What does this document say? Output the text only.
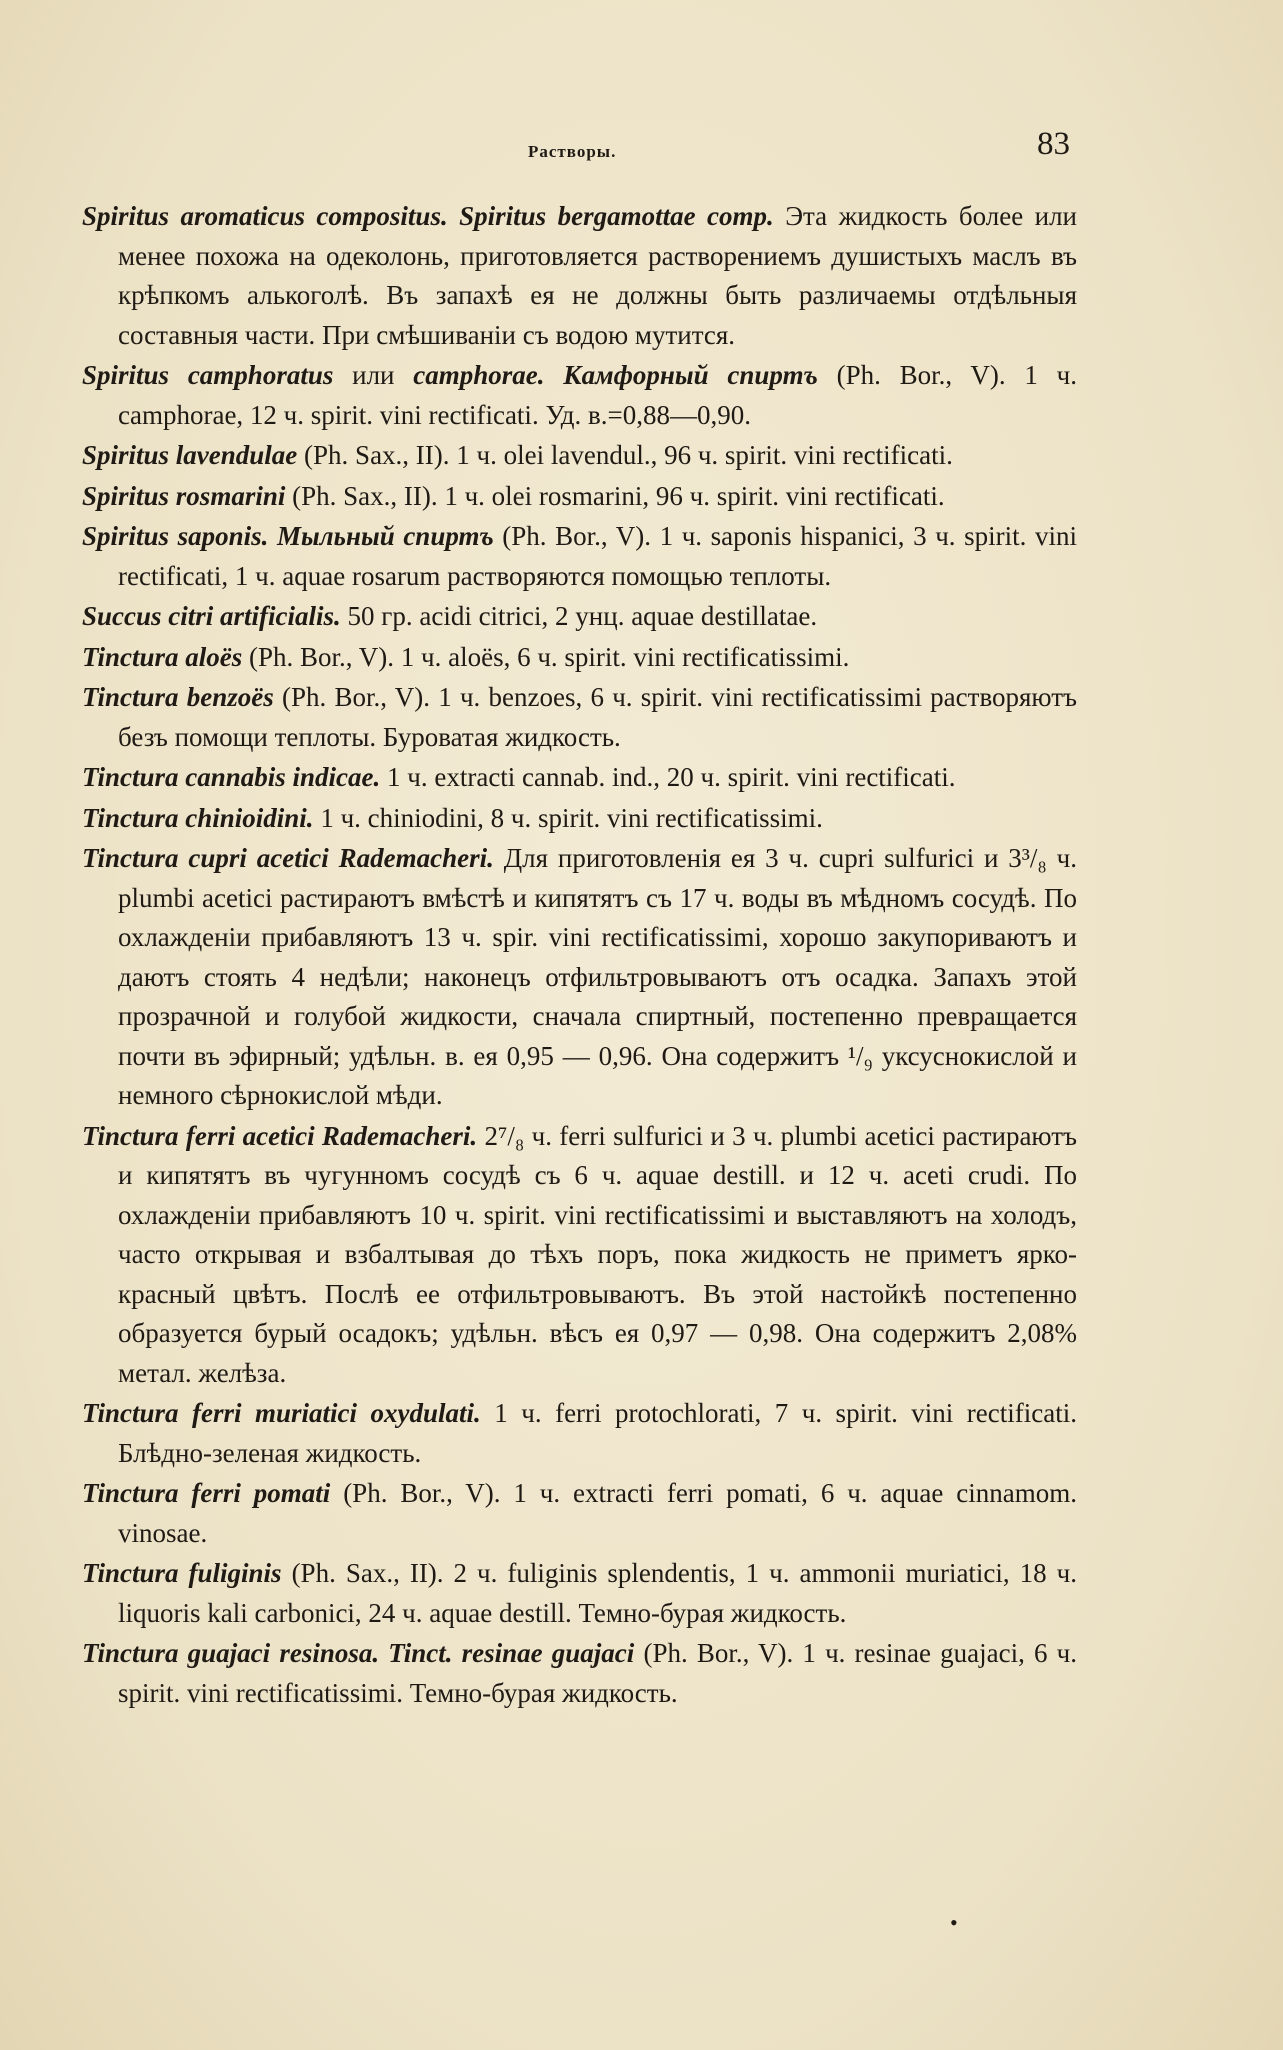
Растворы.	83

Spiritus aromaticus compositus. Spiritus bergamottae comp. Эта жидкость более или менее похожа на одеколонь, приготовляется растворениемъ душистыхъ маслъ въ крѣпкомъ алькоголѣ. Въ запахѣ ея не должны быть различаемы отдѣльныя составныя части. При смѣшиваніи съ водою мутится.

Spiritus camphoratus или camphorae. Камфорный спиртъ (Ph. Bor., V). 1 ч. camphorae, 12 ч. spirit. vini rectificati. Уд. в.=0,88—0,90.

Spiritus lavendulae (Ph. Sax., II). 1 ч. olei lavendul., 96 ч. spirit. vini rectificati.

Spiritus rosmarini (Ph. Sax., II). 1 ч. olei rosmarini, 96 ч. spirit. vini rectificati.

Spiritus saponis. Мыльный спиртъ (Ph. Bor., V). 1 ч. saponis hispanici, 3 ч. spirit. vini rectificati, 1 ч. aquae rosarum растворяются помощью теплоты.

Succus citri artificialis. 50 гр. acidi citrici, 2 унц. aquae destillatae.

Tinctura aloës (Ph. Bor., V). 1 ч. aloës, 6 ч. spirit. vini rectificatissimi.

Tinctura benzoës (Ph. Bor., V). 1 ч. benzoes, 6 ч. spirit. vini rectificatissimi растворяютъ безъ помощи теплоты. Буроватая жидкость.

Tinctura cannabis indicae. 1 ч. extracti cannab. ind., 20 ч. spirit. vini rectificati.

Tinctura chinioidini. 1 ч. chiniodini, 8 ч. spirit. vini rectificatissimi.

Tinctura cupri acetici Rademacheri. Для приготовленія ея 3 ч. cupri sulfurici и 3³/₈ ч. plumbi acetici растираютъ вмѣстѣ и кипятятъ съ 17 ч. воды въ мѣдномъ сосудѣ. По охлажденіи прибавляютъ 13 ч. spir. vini rectificatissimi, хорошо закупориваютъ и даютъ стоять 4 недѣли; наконецъ отфильтровываютъ отъ осадка. Запахъ этой прозрачной и голубой жидкости, сначала спиртный, постепенно превращается почти въ эфирный; удѣльн. в. ея 0,95 — 0,96. Она содержитъ ¹/₉ уксуснокислой и немного сѣрнокислой мѣди.

Tinctura ferri acetici Rademacheri. 2⁷/₈ ч. ferri sulfurici и 3 ч. plumbi acetici растираютъ и кипятятъ въ чугунномъ сосудѣ съ 6 ч. aquae destill. и 12 ч. aceti crudi. По охлажденіи прибавляютъ 10 ч. spirit. vini rectificatissimi и выставляютъ на холодъ, часто открывая и взбалтывая до тѣхъ поръ, пока жидкость не приметъ ярко-красный цвѣтъ. Послѣ ее отфильтровываютъ. Въ этой настойкѣ постепенно образуется бурый осадокъ; удѣльн. вѣсъ ея 0,97 — 0,98. Она содержитъ 2,08% метал. желѣза.

Tinctura ferri muriatici oxydulati. 1 ч. ferri protochlorati, 7 ч. spirit. vini rectificati. Блѣдно-зеленая жидкость.

Tinctura ferri pomati (Ph. Bor., V). 1 ч. extracti ferri pomati, 6 ч. aquae cinnamom. vinosae.

Tinctura fuliginis (Ph. Sax., II). 2 ч. fuliginis splendentis, 1 ч. ammonii muriatici, 18 ч. liquoris kali carbonici, 24 ч. aquae destill. Темно-бурая жидкость.

Tinctura guajaci resinosa. Tinct. resinae guajaci (Ph. Bor., V). 1 ч. resinae guajaci, 6 ч. spirit. vini rectificatissimi. Темно-бурая жидкость.

•
